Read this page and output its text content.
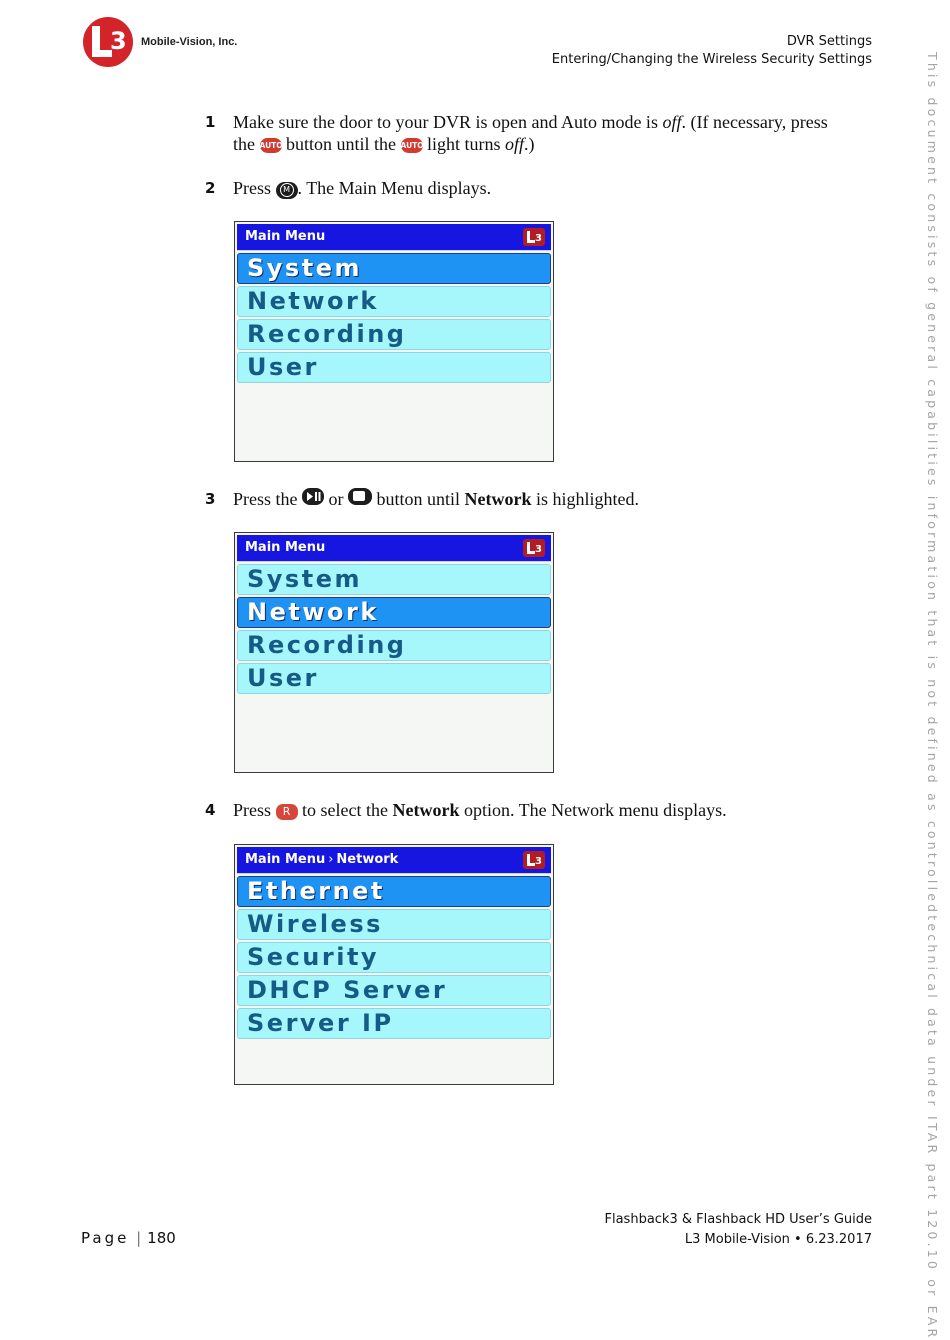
3 Mobile-Vision, Inc.	DVR Settings
Entering/Changing the Wireless Security Settings	This document consists of general capabilities information that is not defined as controlledtechnical data under ITAR part 120.10 or EAR
1 Make sure the door to your DVR is open and Auto mode is off. (If necessary, press
the AUTO button until the AUTO light turns off.)
2 Press M . The Main Menu displays.
Main Menu	3
System
Network
Recording
User
3 Press the
or
button until Network is highlighted.
Main Menu	3
System
Network
Recording
User
4 Press R to select the Network option. The Network menu displays.
Main Menu › Network	3
Ethernet
Wireless
Security
DHCP Server
Server IP
Page | 180
Flashback3 & Flashback HD User’s Guide
L3 Mobile-Vision • 6.23.2017
